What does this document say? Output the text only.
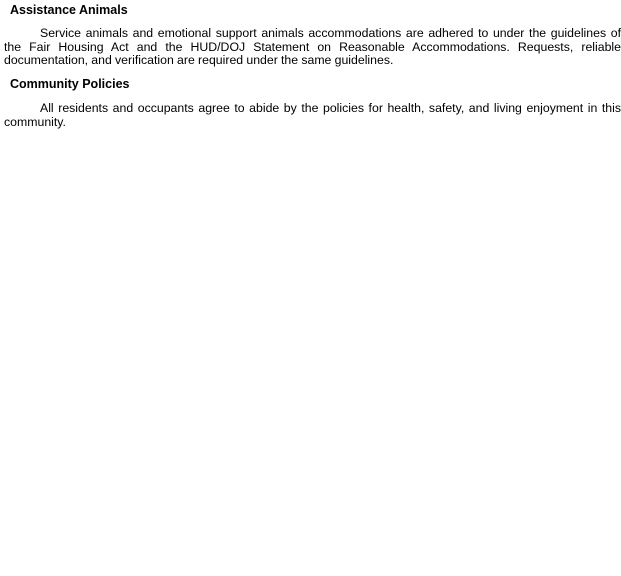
Assistance Animals

Service animals and emotional support animals accommodations are adhered to under the guidelines of the Fair Housing Act and the HUD/DOJ Statement on Reasonable Accommodations. Requests, reliable documentation, and verification are required under the same guidelines.

Community Policies

All residents and occupants agree to abide by the policies for health, safety, and living enjoyment in this community.
